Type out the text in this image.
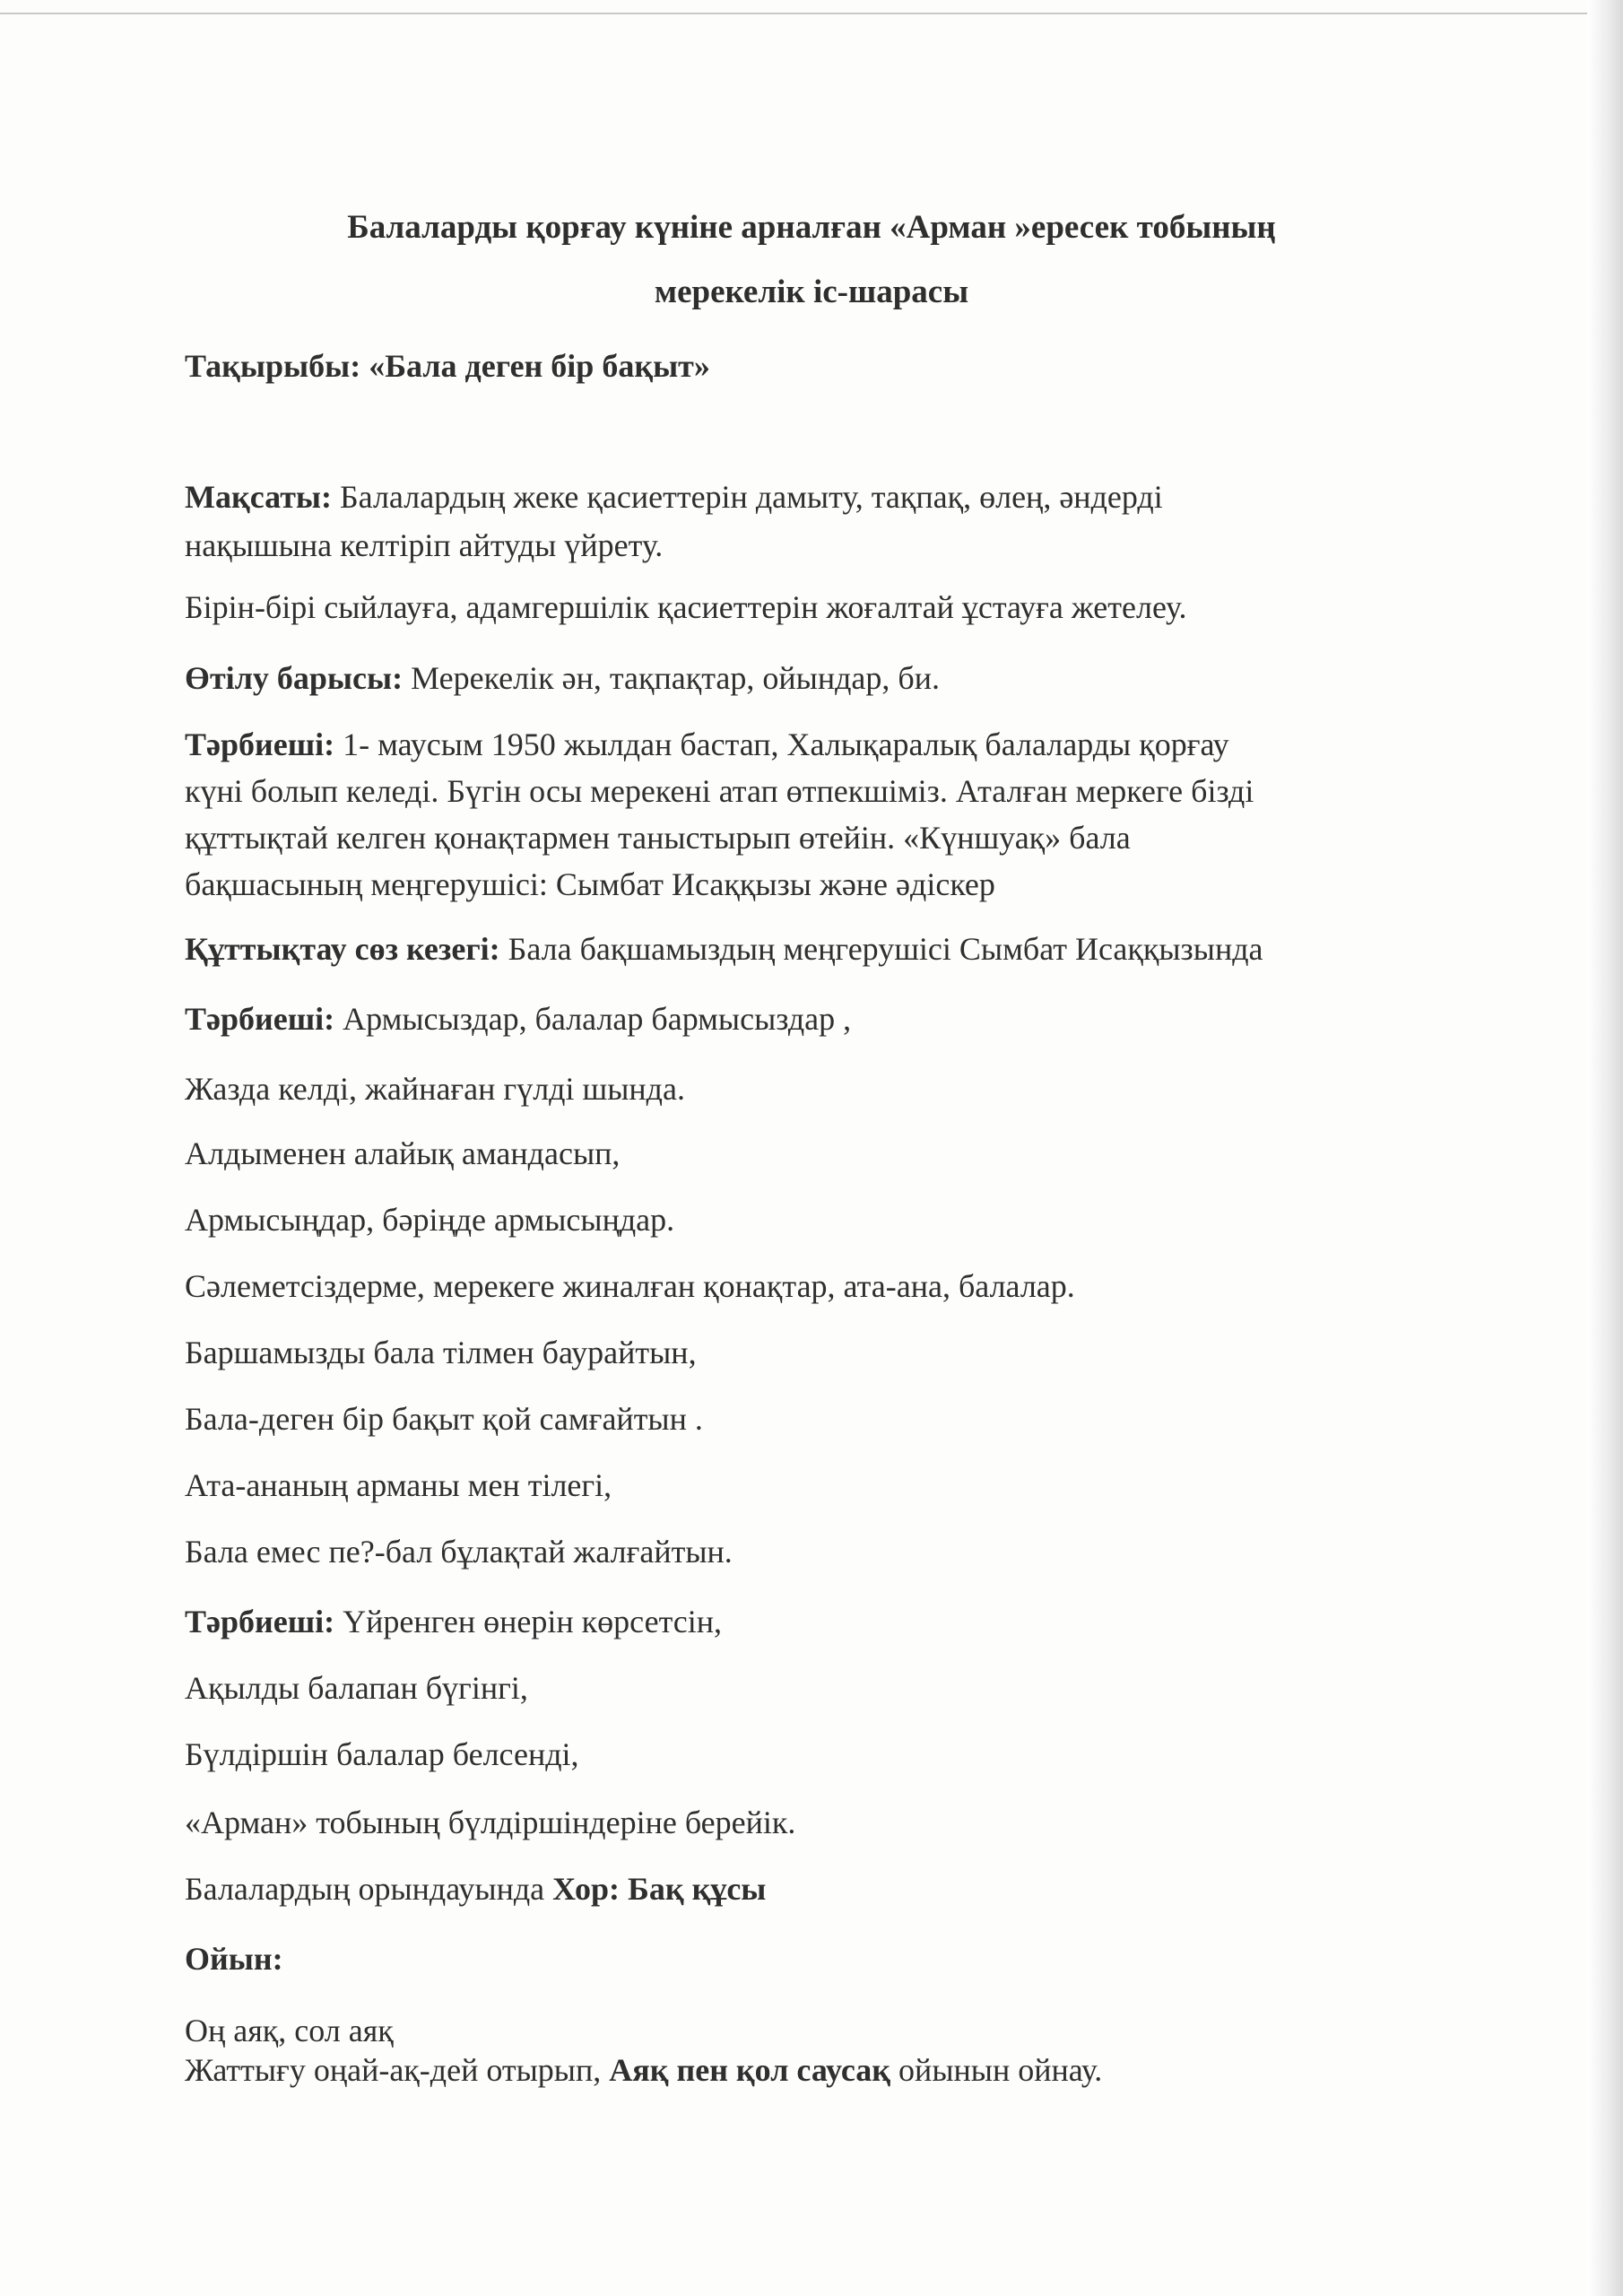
Балаларды қорғау күніне арналған «Арман »ересек тобының
мерекелік іс-шарасы
Тақырыбы: «Бала деген бір бақыт»
Мақсаты: Балалардың жеке қасиеттерін дамыту, тақпақ, өлең, әндерді
нақышына келтіріп айтуды үйрету.
Бірін-бірі сыйлауға, адамгершілік қасиеттерін жоғалтай ұстауға жетелеу.
Өтілу барысы: Мерекелік ән, тақпақтар, ойындар, би.
Тәрбиеші: 1- маусым 1950 жылдан бастап, Халықаралық балаларды қорғау
күні болып келеді. Бүгін осы мерекені атап өтпекшіміз. Аталған меркеге бізді
құттықтай келген қонақтармен таныстырып өтейін. «Күншуақ» бала
бақшасының меңгерушісі: Сымбат Исаққызы және әдіскер
Құттықтау сөз кезегі: Бала бақшамыздың меңгерушісі Сымбат Исаққызында
Тәрбиеші: Армысыздар, балалар бармысыздар ,
Жазда келді, жайнаған гүлді шында.
Алдыменен алайық амандасып,
Армысыңдар, бәріңде армысыңдар.
Сәлеметсіздерме, мерекеге жиналған қонақтар, ата-ана, балалар.
Баршамызды бала тілмен баурайтын,
Бала-деген бір бақыт қой самғайтын .
Ата-ананың арманы мен тілегі,
Бала емес пе?-бал бұлақтай жалғайтын.
Тәрбиеші: Үйренген өнерін көрсетсін,
Ақылды балапан бүгінгі,
Бүлдіршін балалар белсенді,
«Арман» тобының бүлдіршіндеріне берейік.
Балалардың орындауында Хор: Бақ құсы
Ойын:
Оң аяқ, сол аяқ
Жаттығу оңай-ақ-дей отырып, Аяқ пен қол саусақ ойынын ойнау.
